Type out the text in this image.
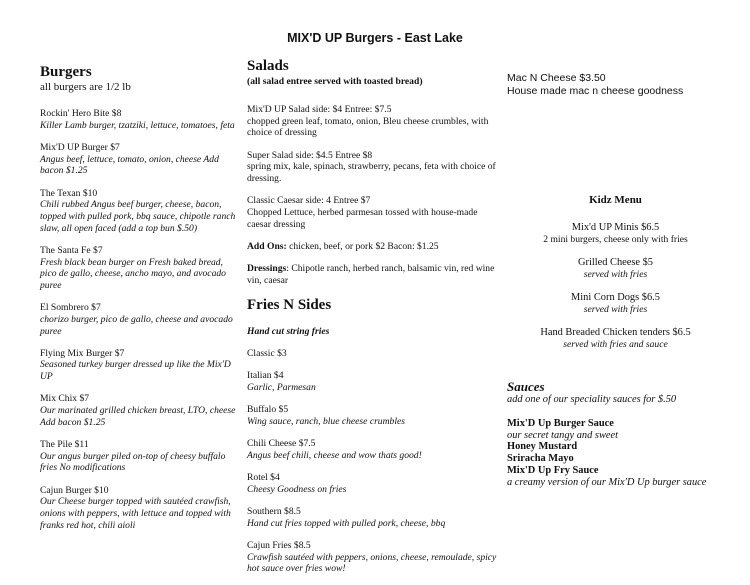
MIX'D UP Burgers - East Lake
Burgers
all burgers are 1/2 lb
Rockin' Hero Bite $8
Killer Lamb burger, tzatziki, lettuce, tomatoes, feta
Mix'D UP Burger $7
Angus beef, lettuce, tomato, onion, cheese Add bacon $1.25
The Texan $10
Chili rubbed Angus beef burger, cheese, bacon, topped with pulled pork, bbq sauce, chipotle ranch slaw, all open faced (add a top bun $.50)
The Santa Fe $7
Fresh black bean burger on Fresh baked bread, pico de gallo, cheese, ancho mayo, and avocado puree
El Sombrero $7
chorizo burger, pico de gallo, cheese and avocado puree
Flying Mix Burger $7
Seasoned turkey burger dressed up like the Mix'D UP
Mix Chix $7
Our marinated grilled chicken breast, LTO, cheese Add bacon $1.25
The Pile $11
Our angus burger piled on-top of cheesy buffalo fries No modifications
Cajun Burger $10
Our Cheese burger topped with sautéed crawfish, onions with peppers, with lettuce and topped with franks red hot, chili aioli
Salads
(all salad entree served with toasted bread)
Mix'D UP Salad side: $4 Entree: $7.5
chopped green leaf, tomato, onion, Bleu cheese crumbles, with choice of dressing
Super Salad side: $4.5 Entree $8
spring mix, kale, spinach, strawberry, pecans, feta with choice of dressing.
Classic Caesar side: 4 Entree $7
Chopped Lettuce, herbed parmesan tossed with house-made caesar dressing
Add Ons: chicken, beef, or pork $2 Bacon: $1.25
Dressings: Chipotle ranch, herbed ranch, balsamic vin, red wine vin, caesar
Fries N Sides
Hand cut string fries
Classic $3
Italian $4
Garlic, Parmesan
Buffalo $5
Wing sauce, ranch, blue cheese crumbles
Chili Cheese $7.5
Angus beef chili, cheese and wow thats good!
Rotel $4
Cheesy Goodness on fries
Southern $8.5
Hand cut fries topped with pulled pork, cheese, bbq
Cajun Fries $8.5
Crawfish sautéed with peppers, onions, cheese, remoulade, spicy hot sauce over fries wow!
Mac N Cheese $3.50
House made mac n cheese goodness
Kidz Menu
Mix'd UP Minis $6.5
2 mini burgers, cheese only with fries
Grilled Cheese $5
served with fries
Mini Corn Dogs $6.5
served with fries
Hand Breaded Chicken tenders $6.5
served with fries and sauce
Sauces
add one of our speciality sauces for $.50
Mix'D Up Burger Sauce
our secret tangy and sweet
Honey Mustard
Sriracha Mayo
Mix'D Up Fry Sauce
a creamy version of our Mix'D Up burger sauce
